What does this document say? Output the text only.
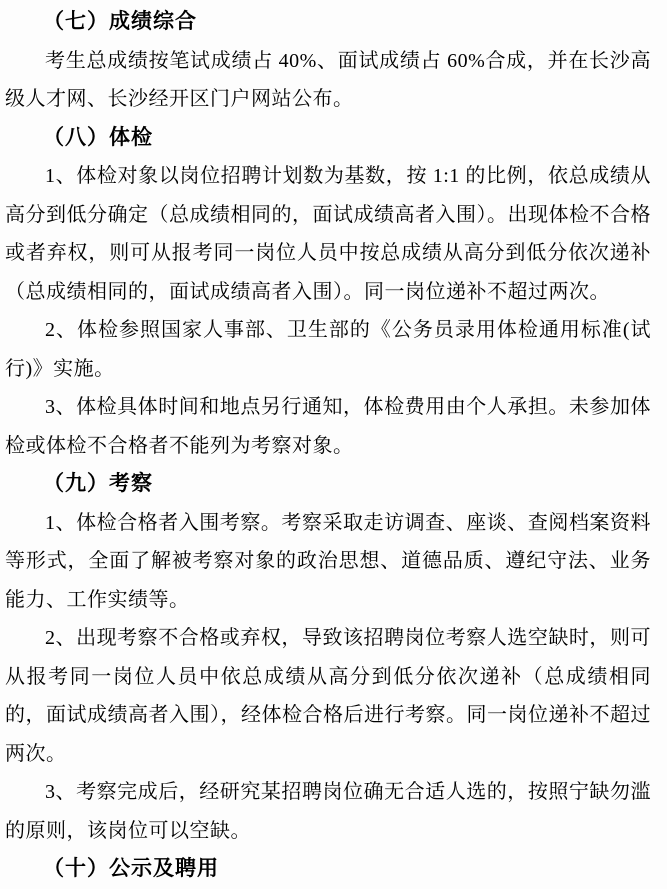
（七）成绩综合

考生总成绩按笔试成绩占 40%、面试成绩占 60%合成，并在长沙高级人才网、长沙经开区门户网站公布。

（八）体检

1、体检对象以岗位招聘计划数为基数，按 1:1 的比例，依总成绩从高分到低分确定（总成绩相同的，面试成绩高者入围）。出现体检不合格或者弃权，则可从报考同一岗位人员中按总成绩从高分到低分依次递补（总成绩相同的，面试成绩高者入围）。同一岗位递补不超过两次。

2、体检参照国家人事部、卫生部的《公务员录用体检通用标准(试行)》实施。

3、体检具体时间和地点另行通知，体检费用由个人承担。未参加体检或体检不合格者不能列为考察对象。

（九）考察

1、体检合格者入围考察。考察采取走访调查、座谈、查阅档案资料等形式，全面了解被考察对象的政治思想、道德品质、遵纪守法、业务能力、工作实绩等。

2、出现考察不合格或弃权，导致该招聘岗位考察人选空缺时，则可从报考同一岗位人员中依总成绩从高分到低分依次递补（总成绩相同的，面试成绩高者入围），经体检合格后进行考察。同一岗位递补不超过两次。

3、考察完成后，经研究某招聘岗位确无合适人选的，按照宁缺勿滥的原则，该岗位可以空缺。

（十）公示及聘用
